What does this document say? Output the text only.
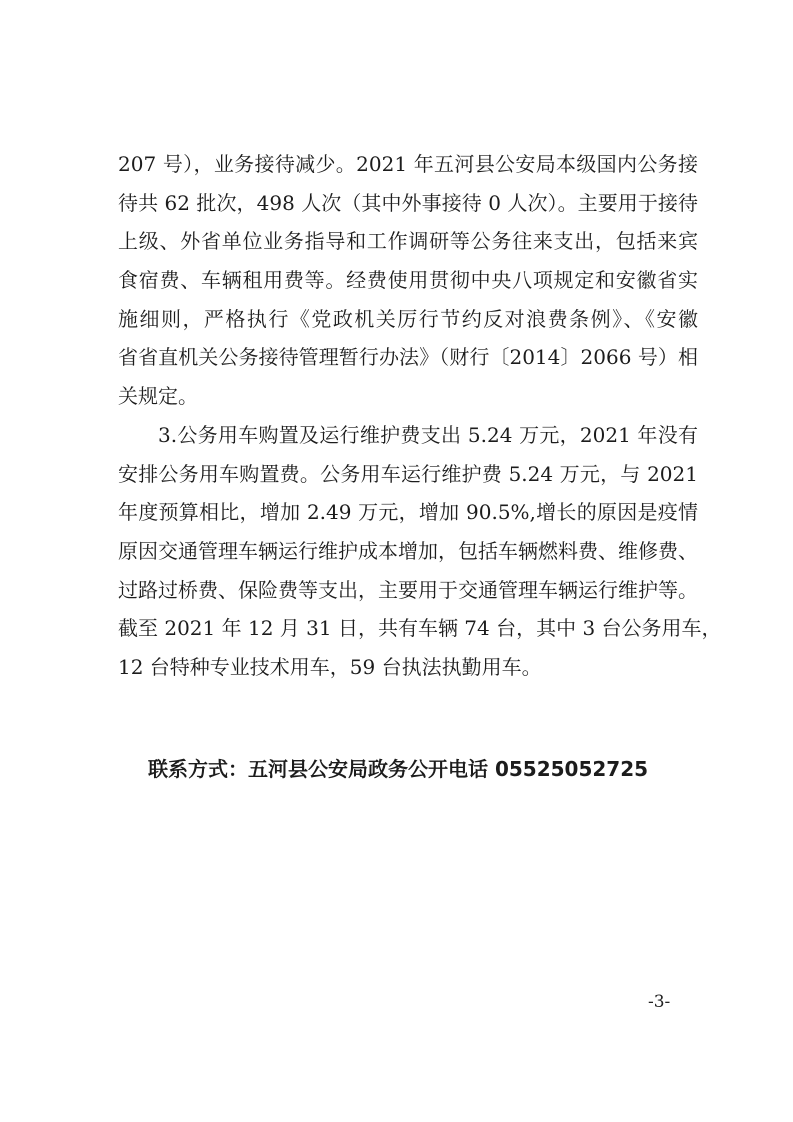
207 号），业务接待减少。2021 年五河县公安局本级国内公务接
待共 62 批次，498 人次（其中外事接待 0 人次）。主要用于接待
上级、外省单位业务指导和工作调研等公务往来支出，包括来宾
食宿费、车辆租用费等。经费使用贯彻中央八项规定和安徽省实
施细则，严格执行《党政机关厉行节约反对浪费条例》、《安徽
省省直机关公务接待管理暂行办法》（财行〔2014〕2066 号）相
关规定。
3.公务用车购置及运行维护费支出 5.24 万元，2021 年没有
安排公务用车购置费。公务用车运行维护费 5.24 万元，与 2021
年度预算相比，增加 2.49 万元，增加 90.5%,增长的原因是疫情
原因交通管理车辆运行维护成本增加，包括车辆燃料费、维修费、
过路过桥费、保险费等支出，主要用于交通管理车辆运行维护等。
截至 2021 年 12 月 31 日，共有车辆 74 台，其中 3 台公务用车，
12 台特种专业技术用车，59 台执法执勤用车。
联系方式：五河县公安局政务公开电话 05525052725
-3-
